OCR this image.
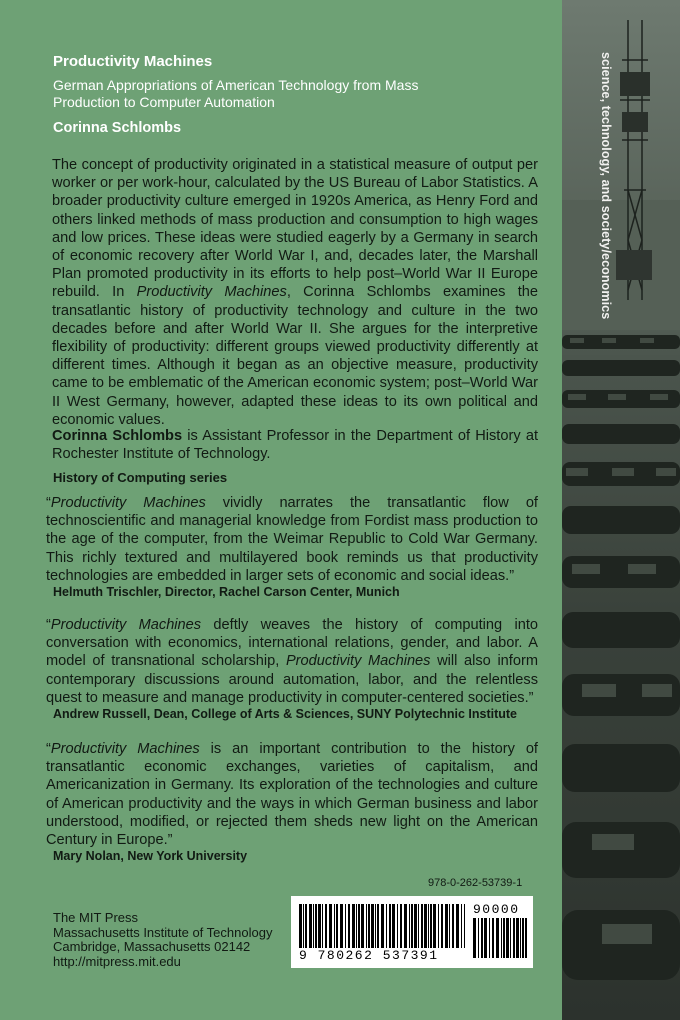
science, technology, and society/economics
Productivity Machines
German Appropriations of American Technology from Mass Production to Computer Automation
Corinna Schlombs
The concept of productivity originated in a statistical measure of output per worker or per work-hour, calculated by the US Bureau of Labor Statistics. A broader productivity culture emerged in 1920s America, as Henry Ford and others linked methods of mass production and consumption to high wages and low prices. These ideas were studied eagerly by a Germany in search of economic recovery after World War I, and, decades later, the Marshall Plan promoted productivity in its efforts to help post–World War II Europe rebuild. In Productivity Machines, Corinna Schlombs examines the transatlantic history of productivity technology and culture in the two decades before and after World War II. She argues for the interpretive flexibility of productivity: different groups viewed productivity differently at different times. Although it began as an objective measure, productivity came to be emblematic of the American economic system; post–World War II West Germany, however, adapted these ideas to its own political and economic values.
Corinna Schlombs is Assistant Professor in the Department of History at Rochester Institute of Technology.
History of Computing series
“Productivity Machines vividly narrates the transatlantic flow of technoscientific and managerial knowledge from Fordist mass production to the age of the computer, from the Weimar Republic to Cold War Germany. This richly textured and multilayered book reminds us that productivity technologies are embedded in larger sets of economic and social ideas.”
Helmuth Trischler, Director, Rachel Carson Center, Munich
“Productivity Machines deftly weaves the history of computing into conversation with economics, international relations, gender, and labor. A model of transnational scholarship, Productivity Machines will also inform contemporary discussions around automation, labor, and the relentless quest to measure and manage productivity in computer-centered societies.”
Andrew Russell, Dean, College of Arts & Sciences, SUNY Polytechnic Institute
“Productivity Machines is an important contribution to the history of transatlantic economic exchanges, varieties of capitalism, and Americanization in Germany. Its exploration of the technologies and culture of American productivity and the ways in which German business and labor understood, modified, or rejected them sheds new light on the American Century in Europe.”
Mary Nolan, New York University
978-0-262-53739-1
9 780262 537391
90000
The MIT Press
Massachusetts Institute of Technology
Cambridge, Massachusetts 02142
http://mitpress.mit.edu
